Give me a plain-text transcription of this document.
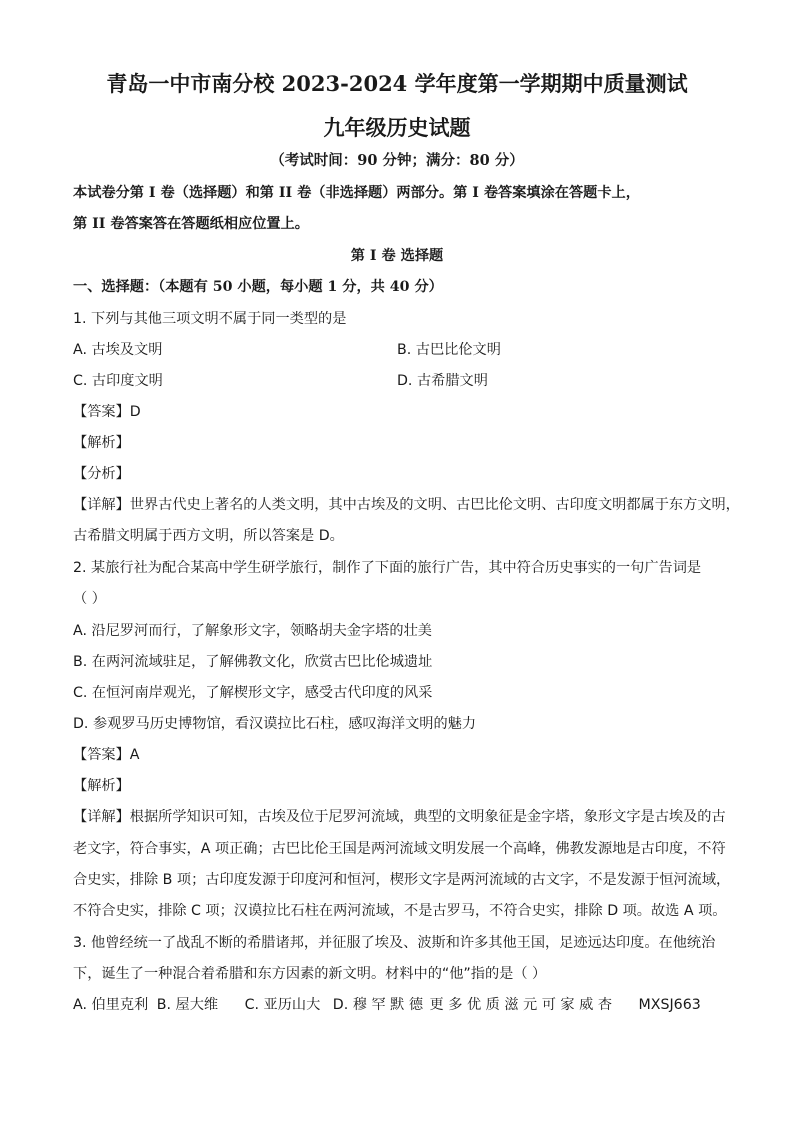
青岛一中市南分校 2023-2024 学年度第一学期期中质量测试
九年级历史试题
（考试时间：90 分钟；满分：80 分）
本试卷分第 I 卷（选择题）和第 II 卷（非选择题）两部分。第 I 卷答案填涂在答题卡上，
第 II 卷答案答在答题纸相应位置上。
第 I 卷 选择题
一、选择题：（本题有 50 小题，每小题 1 分，共 40 分）
1. 下列与其他三项文明不属于同一类型的是
A. 古埃及文明	B. 古巴比伦文明
C. 古印度文明	D. 古希腊文明
【答案】D
【解析】
【分析】
【详解】世界古代史上著名的人类文明，其中古埃及的文明、古巴比伦文明、古印度文明都属于东方文明，
古希腊文明属于西方文明，所以答案是 D。
2. 某旅行社为配合某高中学生研学旅行，制作了下面的旅行广告，其中符合历史事实的一句广告词是
（ ）
A. 沿尼罗河而行，了解象形文字，领略胡夫金字塔的壮美
B. 在两河流域驻足，了解佛教文化，欣赏古巴比伦城遗址
C. 在恒河南岸观光，了解楔形文字，感受古代印度的风采
D. 参观罗马历史博物馆，看汉谟拉比石柱，感叹海洋文明的魅力
【答案】A
【解析】
【详解】根据所学知识可知，古埃及位于尼罗河流域，典型的文明象征是金字塔，象形文字是古埃及的古
老文字，符合事实，A 项正确；古巴比伦王国是两河流域文明发展一个高峰，佛教发源地是古印度，不符
合史实，排除 B 项；古印度发源于印度河和恒河，楔形文字是两河流域的古文字，不是发源于恒河流域，
不符合史实，排除 C 项；汉谟拉比石柱在两河流域，不是古罗马，不符合史实，排除 D 项。故选 A 项。
3. 他曾经统一了战乱不断的希腊诸邦，并征服了埃及、波斯和许多其他王国，足迹远达印度。在他统治
下，诞生了一种混合着希腊和东方因素的新文明。材料中的“他”指的是（ ）
A. 伯里克利 B. 屋大维 C. 亚历山大 D. 穆 罕 默 德 更 多 优 质 滋 元 可 家 威 杏 MXSJ663
